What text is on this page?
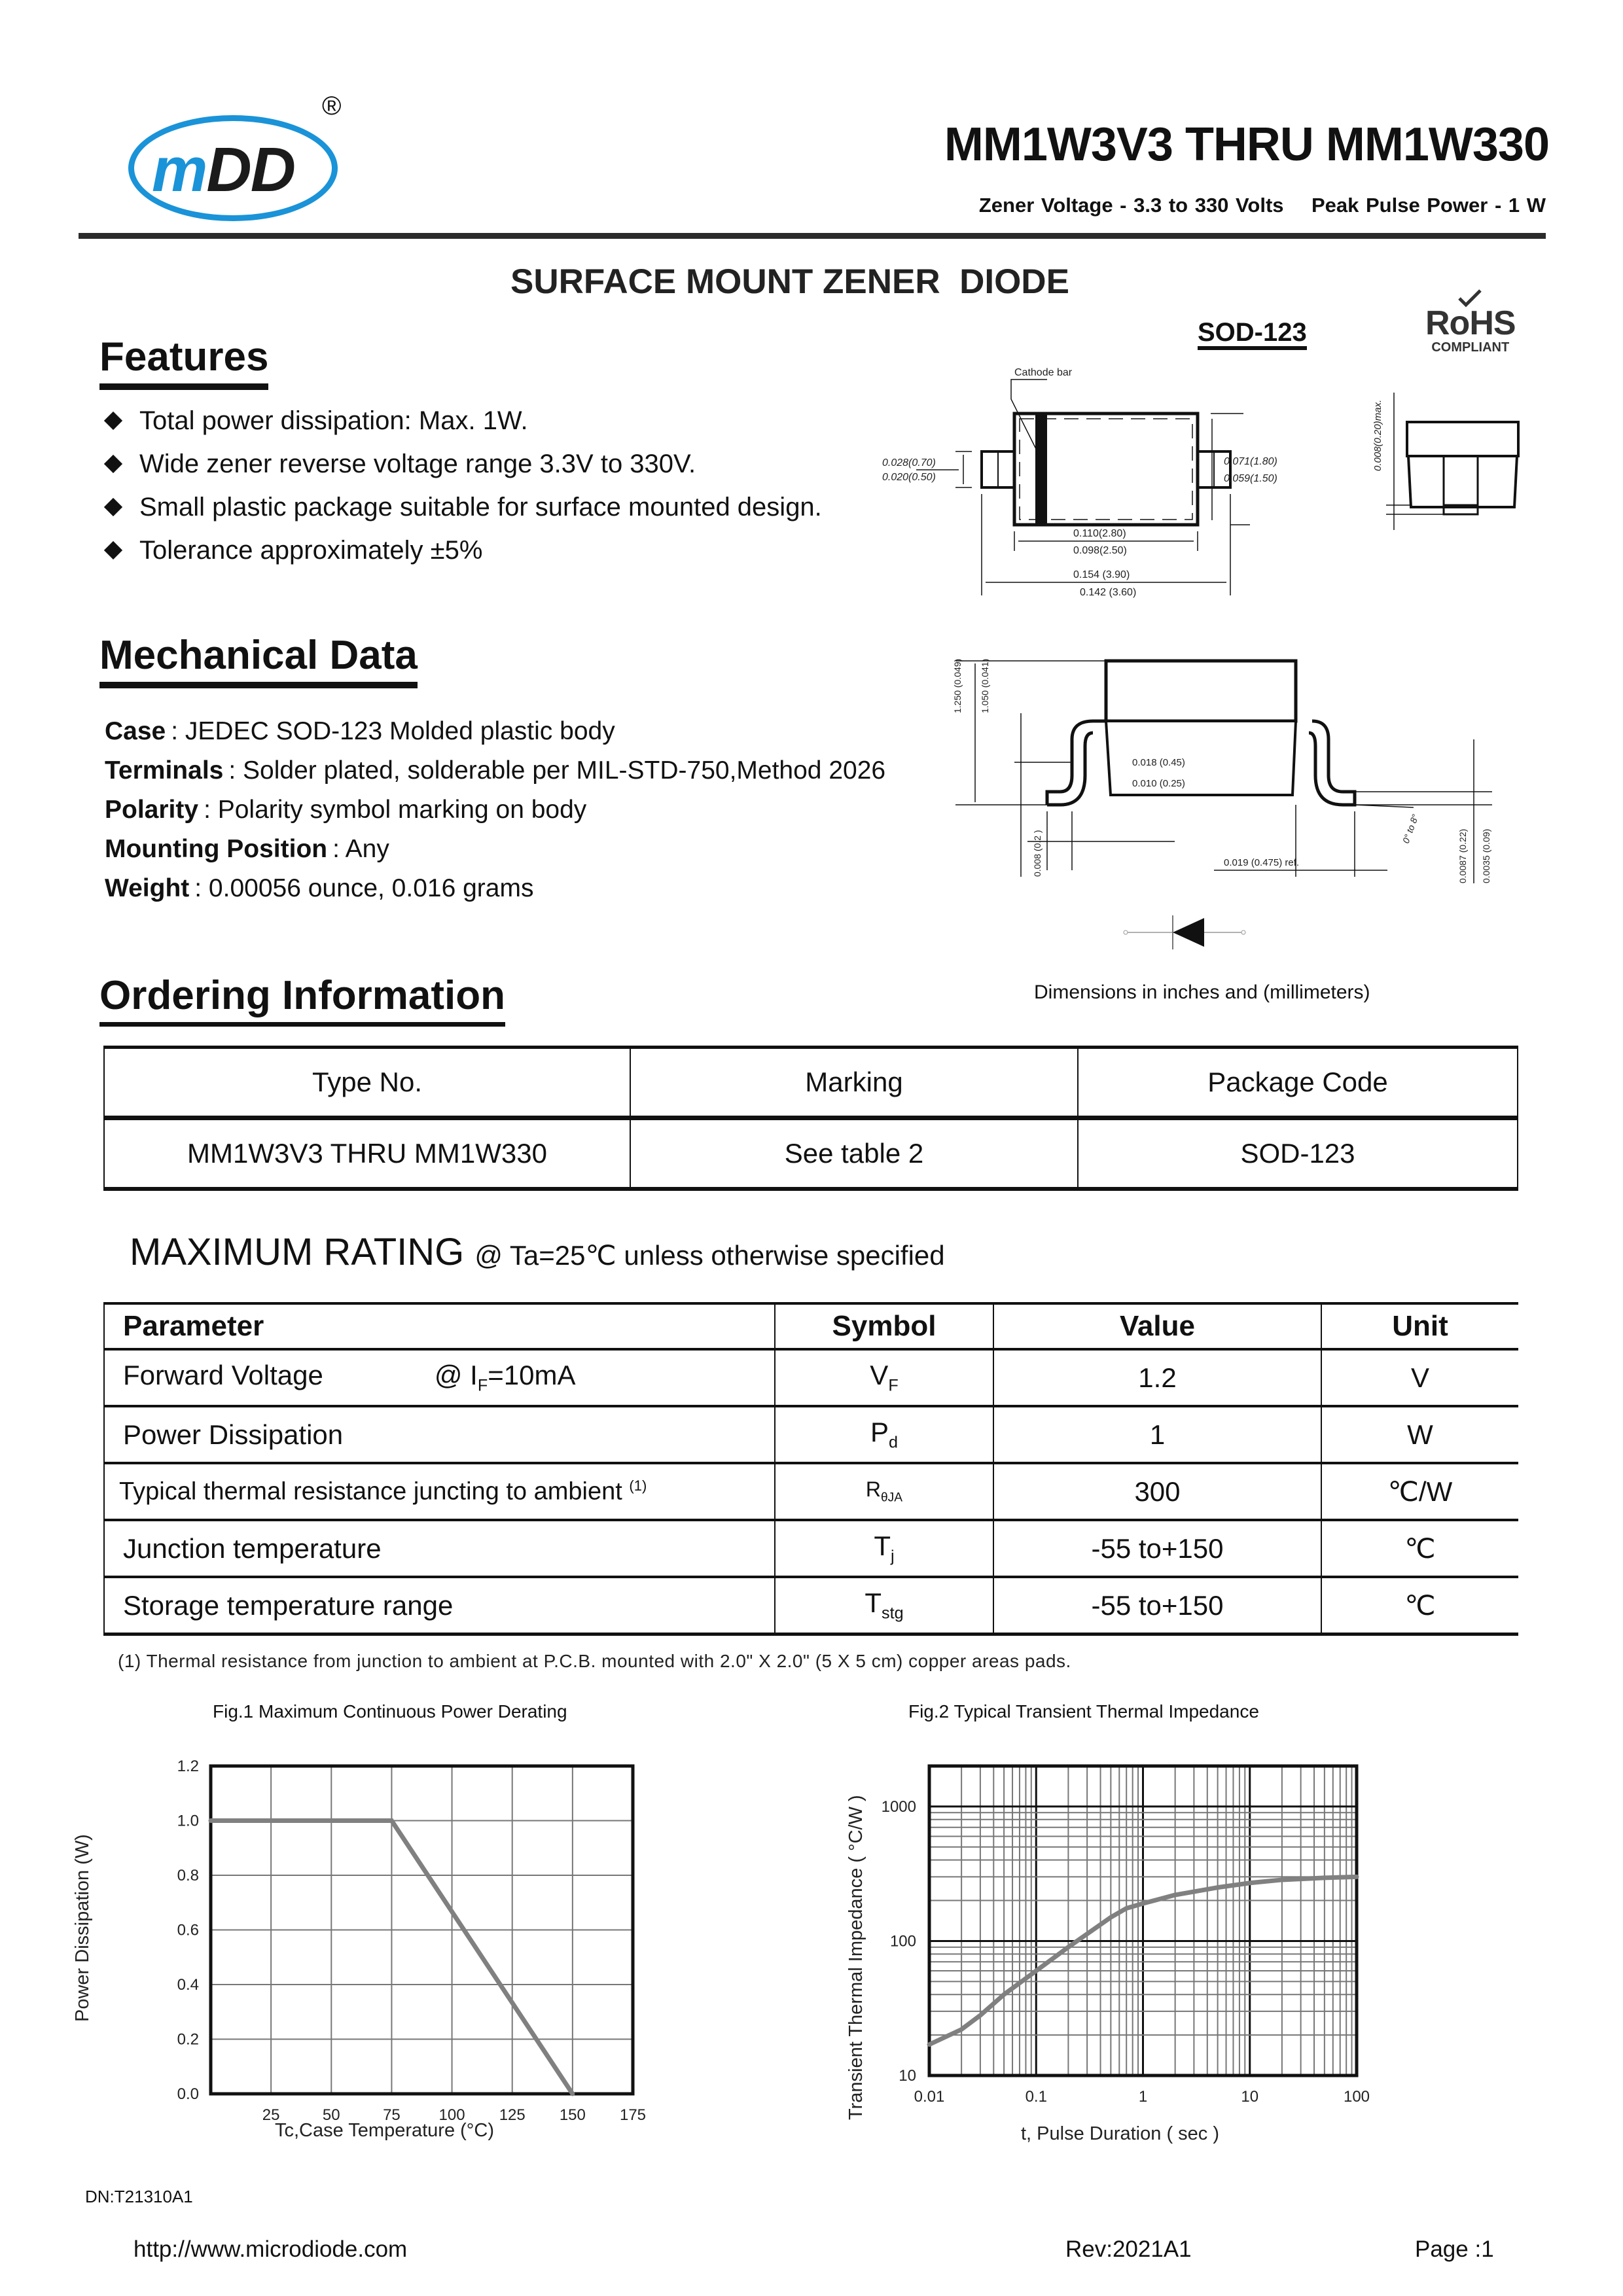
mDD
®
MM1W3V3 THRU MM1W330
Zener Voltage - 3.3 to 330 Volts    Peak Pulse Power - 1 W
SURFACE MOUNT ZENER  DIODE
Features
Total power dissipation: Max. 1W.
Wide zener reverse voltage range 3.3V to 330V.
Small plastic package suitable for surface mounted design.
Tolerance approximately ±5%
SOD-123	RoHS
COMPLIANT
Cathode bar
0.028(0.70)
0.020(0.50)
0.071(1.80)
0.059(1.50)
0.110(2.80)
0.098(2.50)
0.154 (3.90)
0.142 (3.60)
0.008(0.20)max.
1.250 (0.049) 1.050 (0.041)
0.008 (0.2 )
0.018 (0.45)
0.010 (0.25)
0.019 (0.475) ref.
0° to 8°
0.0087 (0.22) 0.0035 (0.09)
Dimensions in inches and (millimeters)
Mechanical Data
Case : JEDEC SOD-123 Molded plastic body
Terminals : Solder plated, solderable per MIL-STD-750,Method 2026
Polarity : Polarity symbol marking on body
Mounting Position : Any
Weight : 0.00056 ounce, 0.016 grams
Ordering Information
Type No.	Marking	Package Code
MM1W3V3 THRU MM1W330	See table 2	SOD-123
MAXIMUM RATING @ Ta=25℃ unless otherwise specified
Parameter	Symbol	Value	Unit
Forward Voltage @ $I_F=10mA$	$V_F$	1.2	V
Power Dissipation	$P_d$	1	W
Typical thermal resistance juncting to ambient $^{(1)}$	$R_{\theta JA}$	300	℃/W
Junction temperature	$T_j$	-55 to+150	℃
Storage temperature range	$T_{stg}$	-55 to+150	℃
(1) Thermal resistance from junction to ambient at P.C.B. mounted with 2.0" X 2.0" (5 X 5 cm) copper areas pads.
Fig.1 Maximum Continuous Power Derating
25	50	75 100 125 150 175
0.0
0.2
0.4
0.6
0.8
1.0
1.2
Power Dissipation (W)
Tc,Case Temperature (°C)
Fig.2 Typical Transient Thermal Impedance
0.01	0.1	1	10	100
10
100
1000
Transient Thermal Impedance ( °C/W )
t, Pulse Duration ( sec )
DN:T21310A1
http://www.microdiode.com	Rev:2021A1	Page :1
